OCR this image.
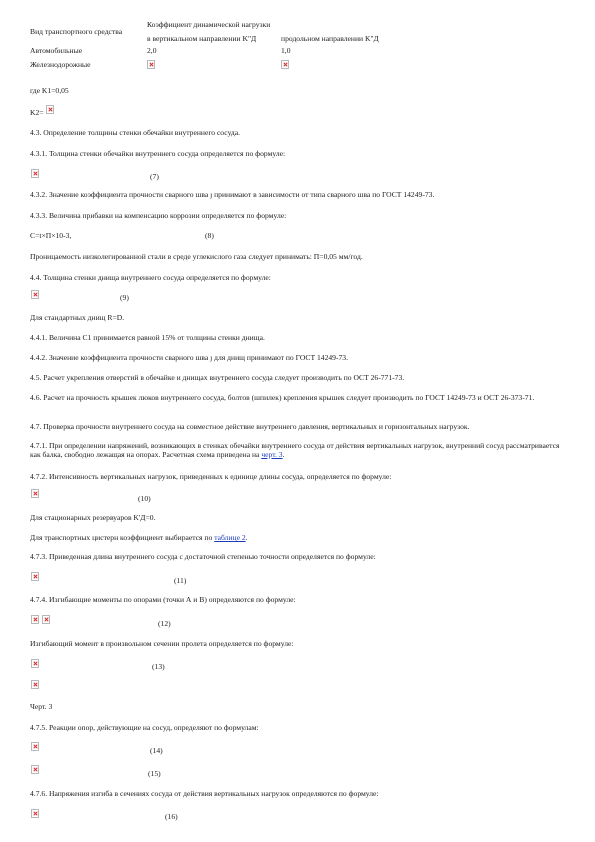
Коэффициент динамической нагрузки
Вид транспортного средства
в вертикальном направлении K"Д	продольном направлении K"Д
Автомобильные	2,0	1,0
Железнодорожные
где K1=0,05
K2=
4.3. Определение толщины стенки обечайки внутреннего сосуда.
4.3.1. Толщина стенки обечайки внутреннего сосуда определяется по формуле:
(7)
4.3.2. Значение коэффициента прочности сварного шва ȷ принимают в зависимости от типа сварного шва по ГОСТ 14249-73.
4.3.3. Величина прибавки на компенсацию коррозии определяется по формуле:
С=t×П×10-3,	(8)
Проницаемость низколегированной стали в среде углекислого газа следует принимать: П=0,05 мм/год.
4.4. Толщина стенки днища внутреннего сосуда определяется по формуле:
(9)
Для стандартных днищ R=D.
4.4.1. Величина C1 принимается равной 15% от толщины стенки днища.
4.4.2. Значение коэффициента прочности сварного шва ȷ для днищ принимают по ГОСТ 14249-73.
4.5. Расчет укрепления отверстий в обечайке и днищах внутреннего сосуда следует производить по ОСТ 26-771-73.
4.6. Расчет на прочность крышек люков внутреннего сосуда, болтов (шпилек) крепления крышек следует производить по ГОСТ 14249-73 и ОСТ 26-373-71.
4.7. Проверка прочности внутреннего сосуда на совместное действие внутреннего давления, вертикальных и горизонтальных нагрузок.
4.7.1. При определении напряжений, возникающих в стенках обечайки внутреннего сосуда от действия вертикальных нагрузок, внутренний сосуд рассматривается как балка, свободно лежащая на опорах. Расчетная схема приведена на черт. 3.
4.7.2. Интенсивность вертикальных нагрузок, приведенных к единице длины сосуда, определяется по формуле:
(10)
Для стационарных резервуаров K'Д=0.
Для транспортных цистерн коэффициент выбирается по таблице 2.
4.7.3. Приведенная длина внутреннего сосуда с достаточной степенью точности определяется по формуле:
(11)
4.7.4. Изгибающие моменты по опорами (точки А и В) определяются по формуле:
(12)
Изгибающий момент в произвольном сечении пролета определяется по формуле:
(13)
Черт. 3
4.7.5. Реакции опор, действующие на сосуд, определяют по формулам:
(14)
(15)
4.7.6. Напряжения изгиба в сечениях сосуда от действия вертикальных нагрузок определяются по формуле:
(16)
